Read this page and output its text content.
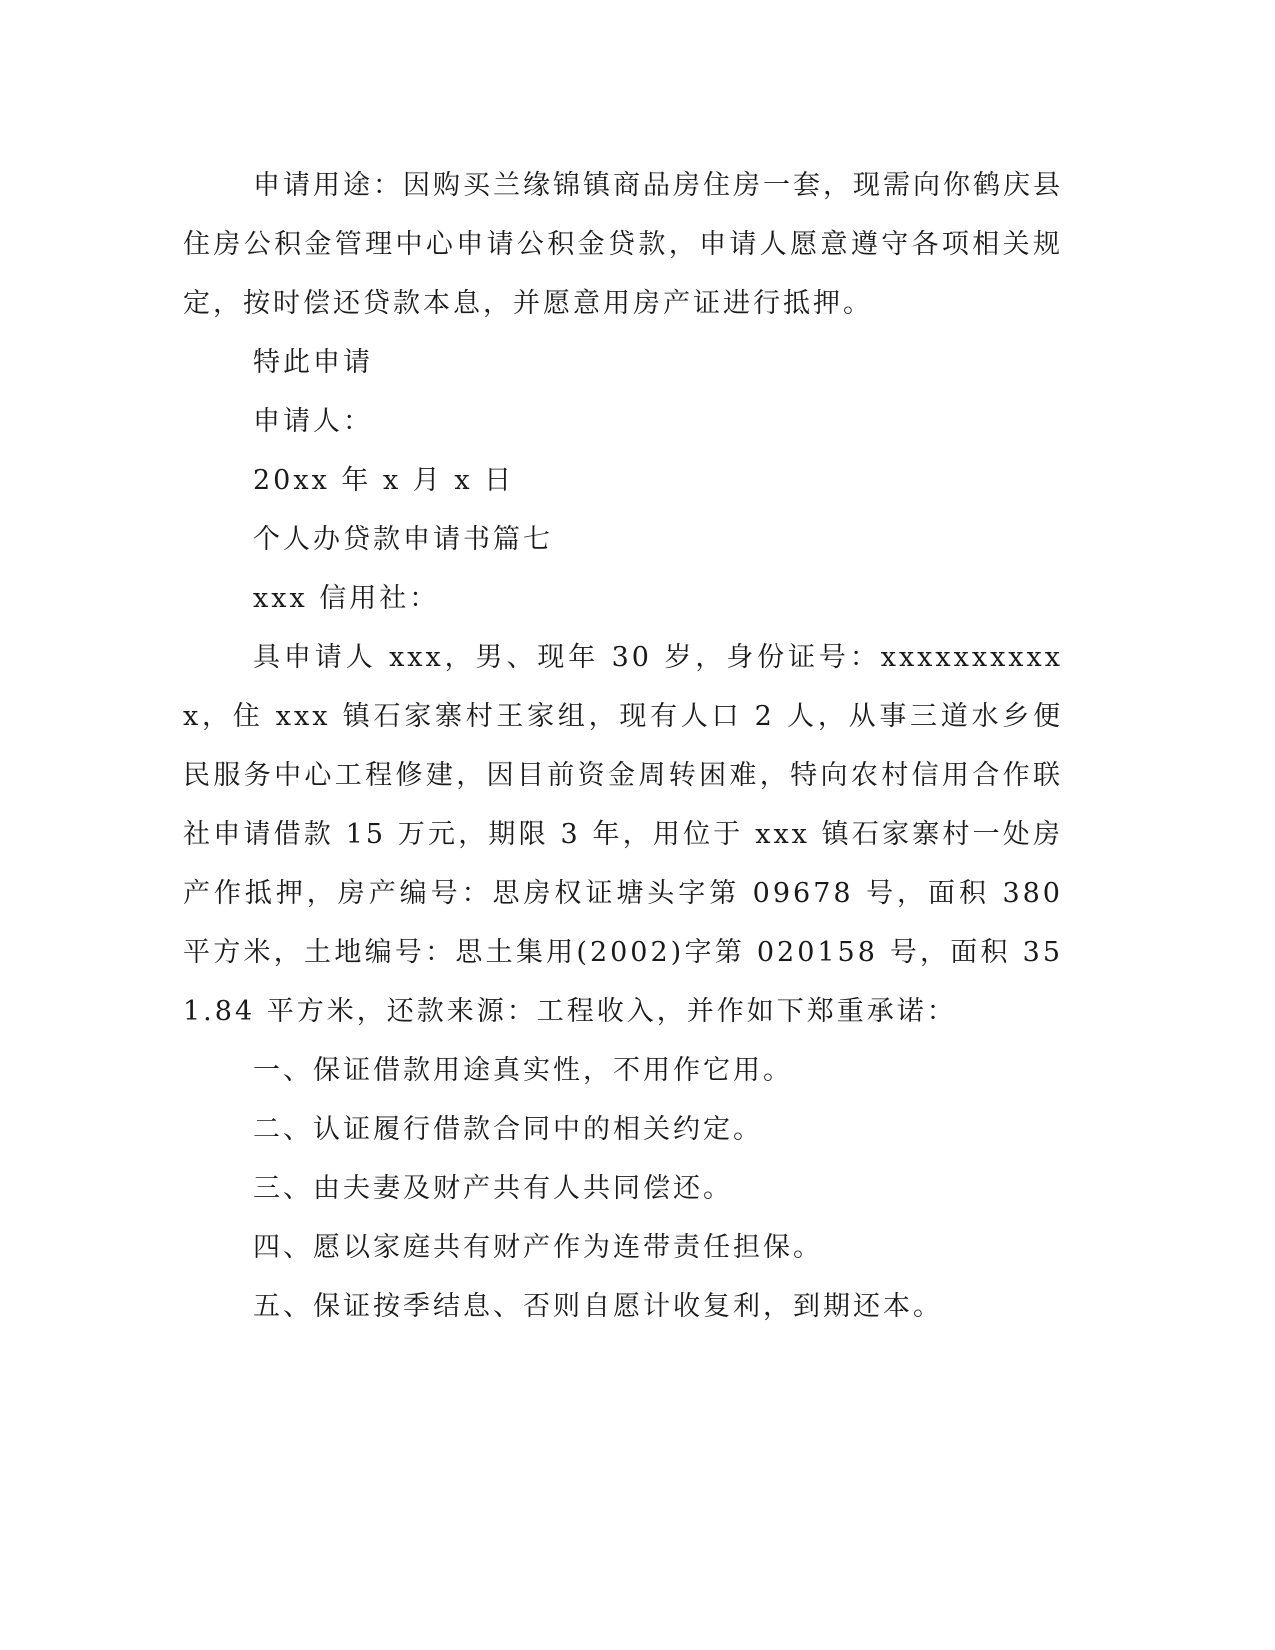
申请用途：因购买兰缘锦镇商品房住房一套，现需向你鹤庆县住房公积金管理中心申请公积金贷款，申请人愿意遵守各项相关规定，按时偿还贷款本息，并愿意用房产证进行抵押。

特此申请

申请人：

20xx 年 x 月 x 日

个人办贷款申请书篇七

xxx 信用社：

具申请人 xxx，男、现年 30 岁，身份证号：xxxxxxxxxxx，住 xxx 镇石家寨村王家组，现有人口 2 人，从事三道水乡便民服务中心工程修建，因目前资金周转困难，特向农村信用合作联社申请借款 15 万元，期限 3 年，用位于 xxx 镇石家寨村一处房产作抵押，房产编号：思房权证塘头字第 09678 号，面积 380 平方米，土地编号：思土集用(2002)字第 020158 号，面积 351.84 平方米，还款来源：工程收入，并作如下郑重承诺：

一、保证借款用途真实性，不用作它用。

二、认证履行借款合同中的相关约定。

三、由夫妻及财产共有人共同偿还。

四、愿以家庭共有财产作为连带责任担保。

五、保证按季结息、否则自愿计收复利，到期还本。
